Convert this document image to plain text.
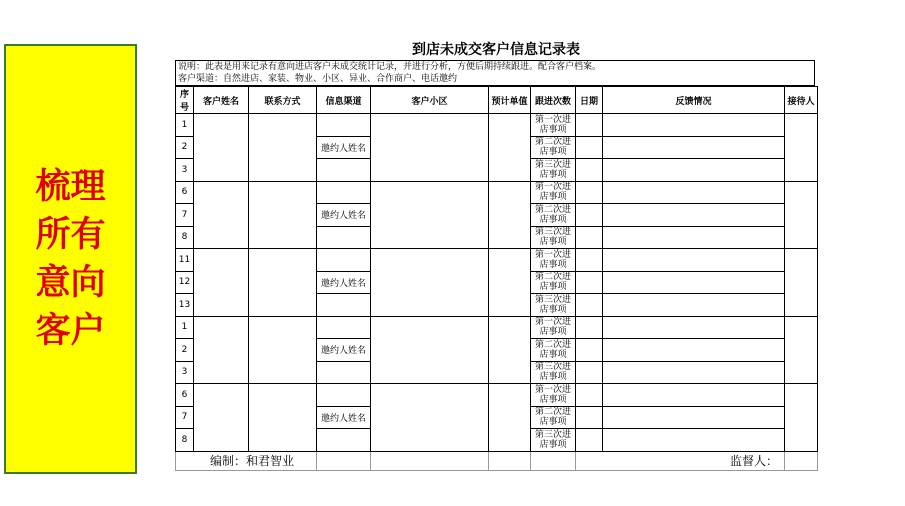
梳理所有意向客户
到店未成交客户信息记录表
说明：此表是用来记录有意向进店客户未成交统计记录，并进行分析，方便后期持续跟进。配合客户档案。
客户渠道：自然进店、家装、物业、小区、异业、合作商户、电话邀约
序号	客户姓名	联系方式	信息渠道	客户小区	预计单值	跟进次数	日期	反馈情况	接待人
1						第一次进店事项			
2			邀约人姓名			第二次进店事项			
3						第三次进店事项			
6						第一次进店事项			
7			邀约人姓名			第二次进店事项			
8						第三次进店事项			
11						第一次进店事项			
12			邀约人姓名			第二次进店事项			
13						第三次进店事项			
1						第一次进店事项			
2			邀约人姓名			第二次进店事项			
3						第三次进店事项			
6						第一次进店事项			
7			邀约人姓名			第二次进店事项			
8						第三次进店事项			
编制：和君智业							监督人：		
